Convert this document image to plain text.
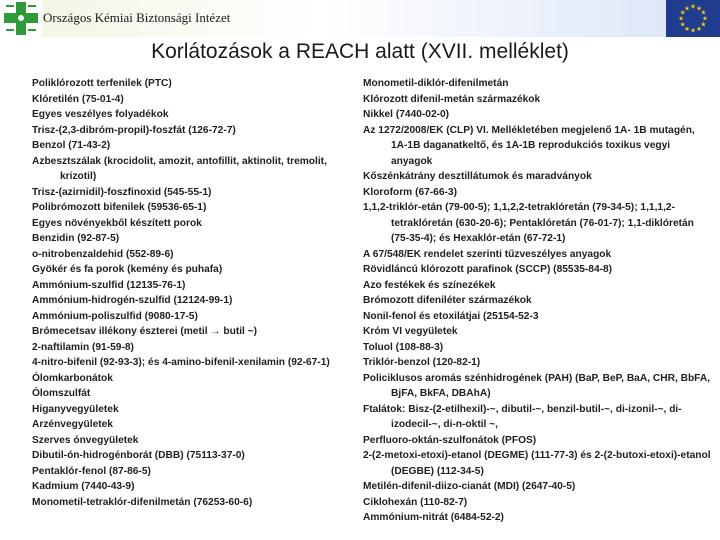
Országos Kémiai Biztonsági Intézet
★ ★
★
★
★
★
★
★
★
★
★
★
Korlátozások a REACH alatt (XVII. melléklet)
Poliklórozott terfenilek (PTC)
Klóretilén (75-01-4)
Egyes veszélyes folyadékok
Trisz-(2,3-dibróm-propil)-foszfát (126-72-7)
Benzol (71-43-2)
Azbesztszálak (krocidolit, amozit, antofillit, aktinolit, tremolit, krizotil)
Trisz-(azirnidil)-foszfinoxid (545-55-1)
Polibrómozott bifenilek (59536-65-1)
Egyes növényekből készített porok
Benzidin (92-87-5)
o-nitrobenzaldehid (552-89-6)
Gyökér és fa porok (kemény és puhafa)
Ammónium-szulfid (12135-76-1)
Ammónium-hidrogén-szulfid (12124-99-1)
Ammónium-poliszulfid (9080-17-5)
Brómecetsav illékony észterei (metil → butil ~)
2-naftilamin (91-59-8)
4-nitro-bifenil (92-93-3); és 4-amino-bifenil-xenilamin (92-67-1)
Ólomkarbonátok
Ólomszulfát
Higanyvegyületek
Arzénvegyületek
Szerves ónvegyületek
Dibutil-ón-hidrogénborát (DBB) (75113-37-0)
Pentaklór-fenol (87-86-5)
Kadmium (7440-43-9)
Monometil-tetraklór-difenilmetán (76253-60-6)
Monometil-diklór-difenilmetán
Klórozott difenil-metán származékok
Nikkel (7440-02-0)
Az 1272/2008/EK (CLP) VI. Mellékletében megjelenő 1A- 1B mutagén, 1A-1B daganatkeltő, és 1A-1B reprodukciós toxikus vegyi anyagok
Kőszénkátrány desztillátumok és maradványok
Kloroform (67-66-3)
1,1,2-triklór-etán (79-00-5); 1,1,2,2-tetraklóretán (79-34-5); 1,1,1,2-tetraklóretán (630-20-6); Pentaklóretán (76-01-7); 1,1-diklóretán (75-35-4); és Hexaklór-etán (67-72-1)
A 67/548/EK rendelet szerinti tűzveszélyes anyagok
Rövidláncú klórozott parafinok (SCCP) (85535-84-8)
Azo festékek és színezékek
Brómozott difeniléter származékok
Nonil-fenol és etoxilátjai (25154-52-3
Króm VI vegyületek
Toluol (108-88-3)
Triklór-benzol (120-82-1)
Policiklusos aromás szénhidrogének (PAH) (BaP, BeP, BaA, CHR, BbFA, BjFA, BkFA, DBAhA)
Ftalátok: Bisz-(2-etilhexil)-~, dibutil-~, benzil-butil-~, di-izonil-~, di-izodecil-~, di-n-oktil ~,
Perfluoro-oktán-szulfonátok (PFOS)
2-(2-metoxi-etoxi)-etanol (DEGME) (111-77-3) és 2-(2-butoxi-etoxi)-etanol (DEGBE) (112-34-5)
Metilén-difenil-diizo-cianát (MDI) (2647-40-5)
Ciklohexán (110-82-7)
Ammónium-nitrát (6484-52-2)
